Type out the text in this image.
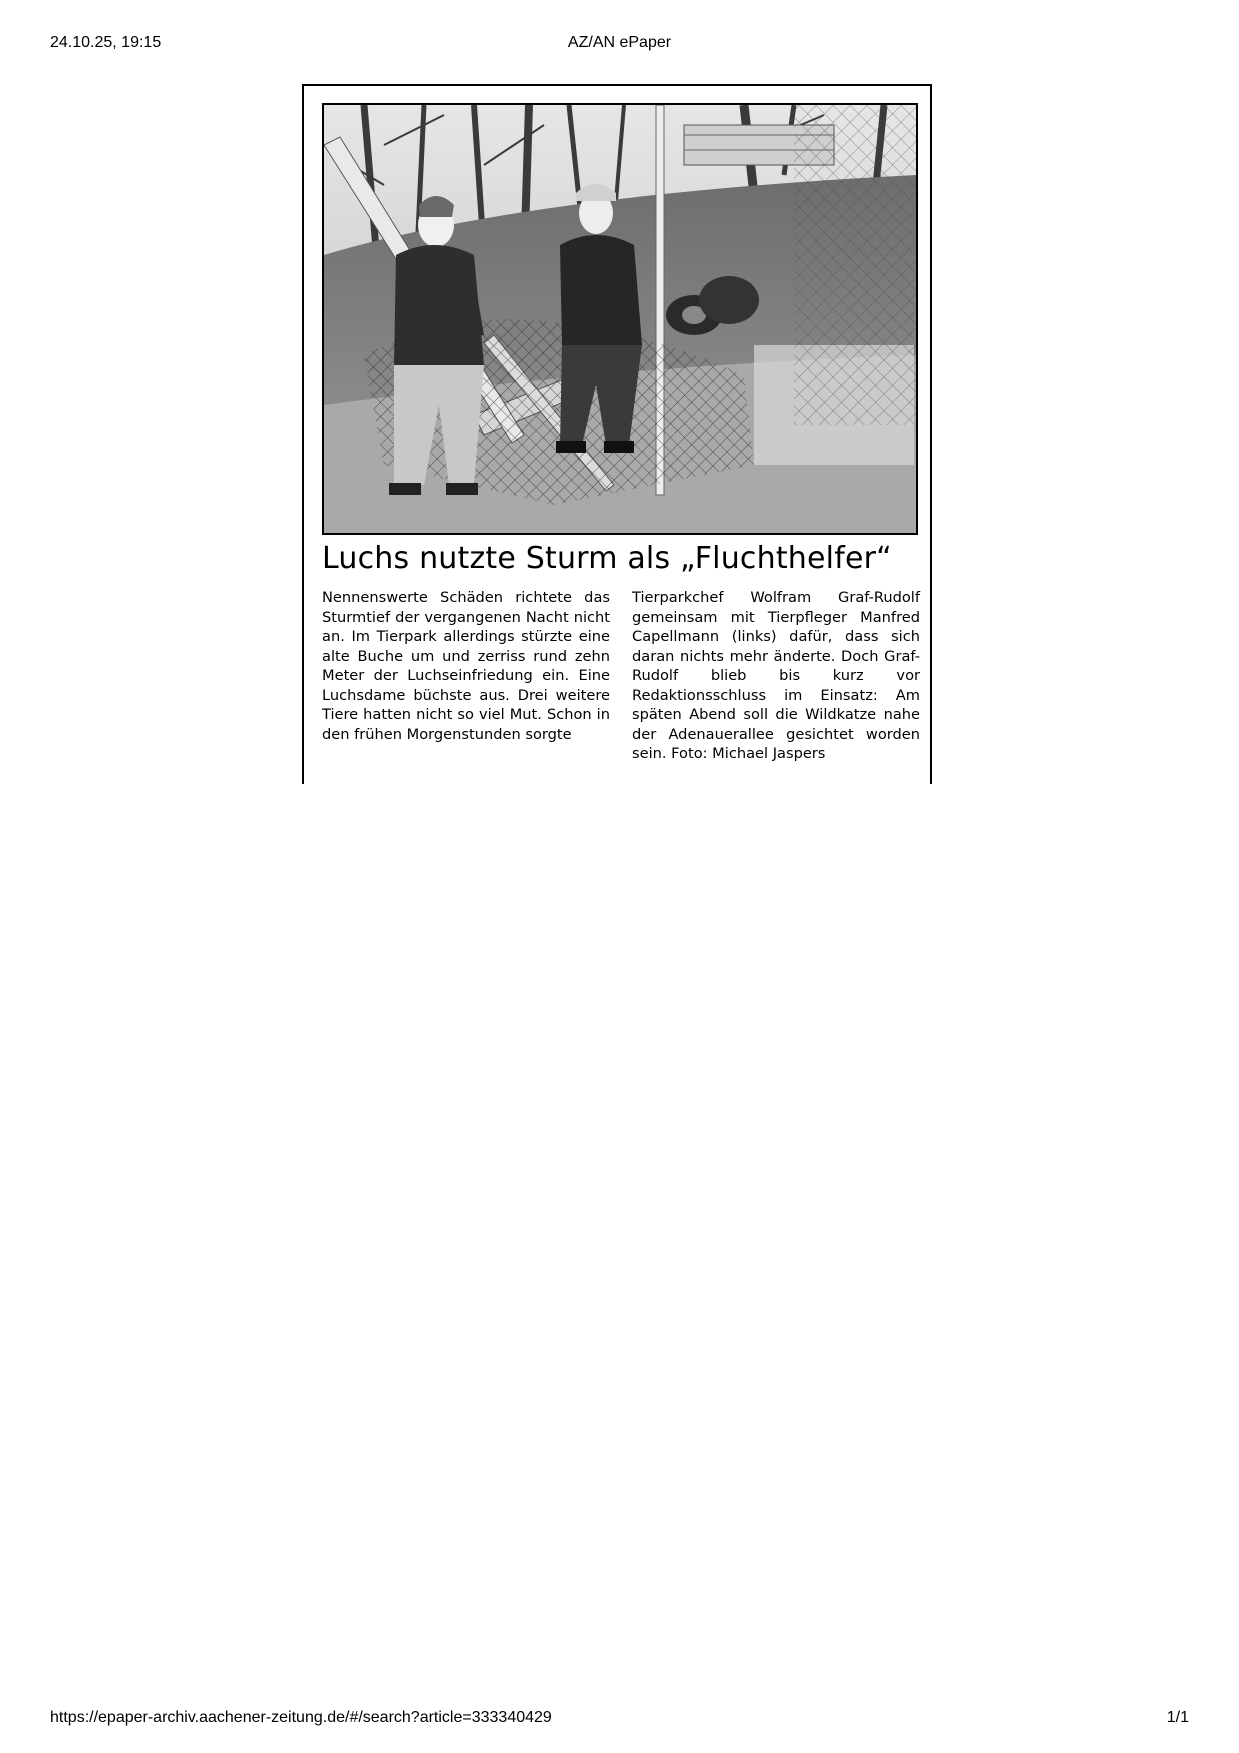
24.10.25, 19:15	AZ/AN ePaper
Luchs nutzte Sturm als „Fluchthelfer“
Nennenswerte Schäden richtete das Sturmtief der vergangenen Nacht nicht an. Im Tierpark allerdings stürzte eine alte Buche um und zerriss rund zehn Meter der Luchseinfriedung ein. Eine Luchsdame büchste aus. Drei weitere Tiere hatten nicht so viel Mut. Schon in den frühen Morgenstunden sorgte
Tierparkchef Wolfram Graf-Rudolf gemeinsam mit Tierpfleger Manfred Capellmann (links) dafür, dass sich daran nichts mehr änderte. Doch Graf-Rudolf blieb bis kurz vor Redaktionsschluss im Einsatz: Am späten Abend soll die Wildkatze nahe der Adenauerallee gesichtet worden sein. Foto: Michael Jaspers
https://epaper-archiv.aachener-zeitung.de/#/search?article=333340429	1/1
